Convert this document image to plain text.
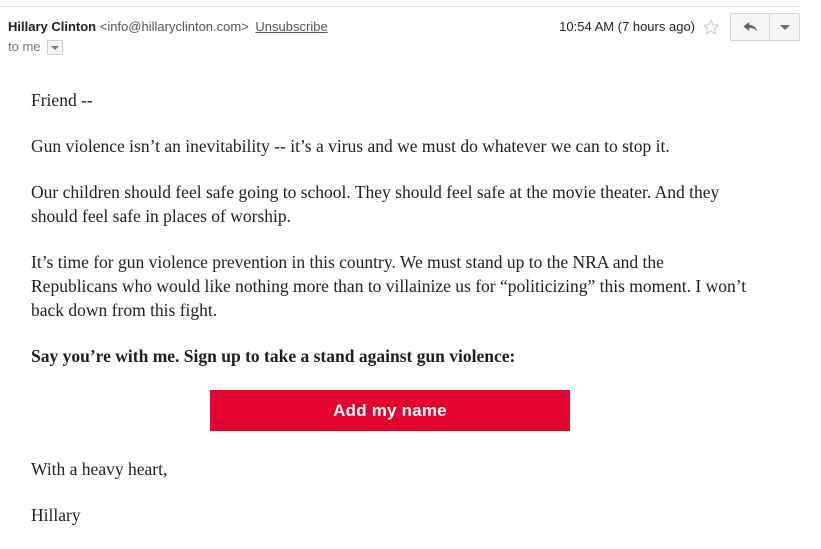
Hillary Clinton <info@hillaryclinton.com> Unsubscribe
to me
10:54 AM (7 hours ago)

Friend --

Gun violence isn’t an inevitability -- it’s a virus and we must do whatever we can to stop it.

Our children should feel safe going to school. They should feel safe at the movie theater. And they should feel safe in places of worship.

It’s time for gun violence prevention in this country. We must stand up to the NRA and the Republicans who would like nothing more than to villainize us for “politicizing” this moment. I won’t back down from this fight.

Say you’re with me. Sign up to take a stand against gun violence:

Add my name

With a heavy heart,

Hillary
